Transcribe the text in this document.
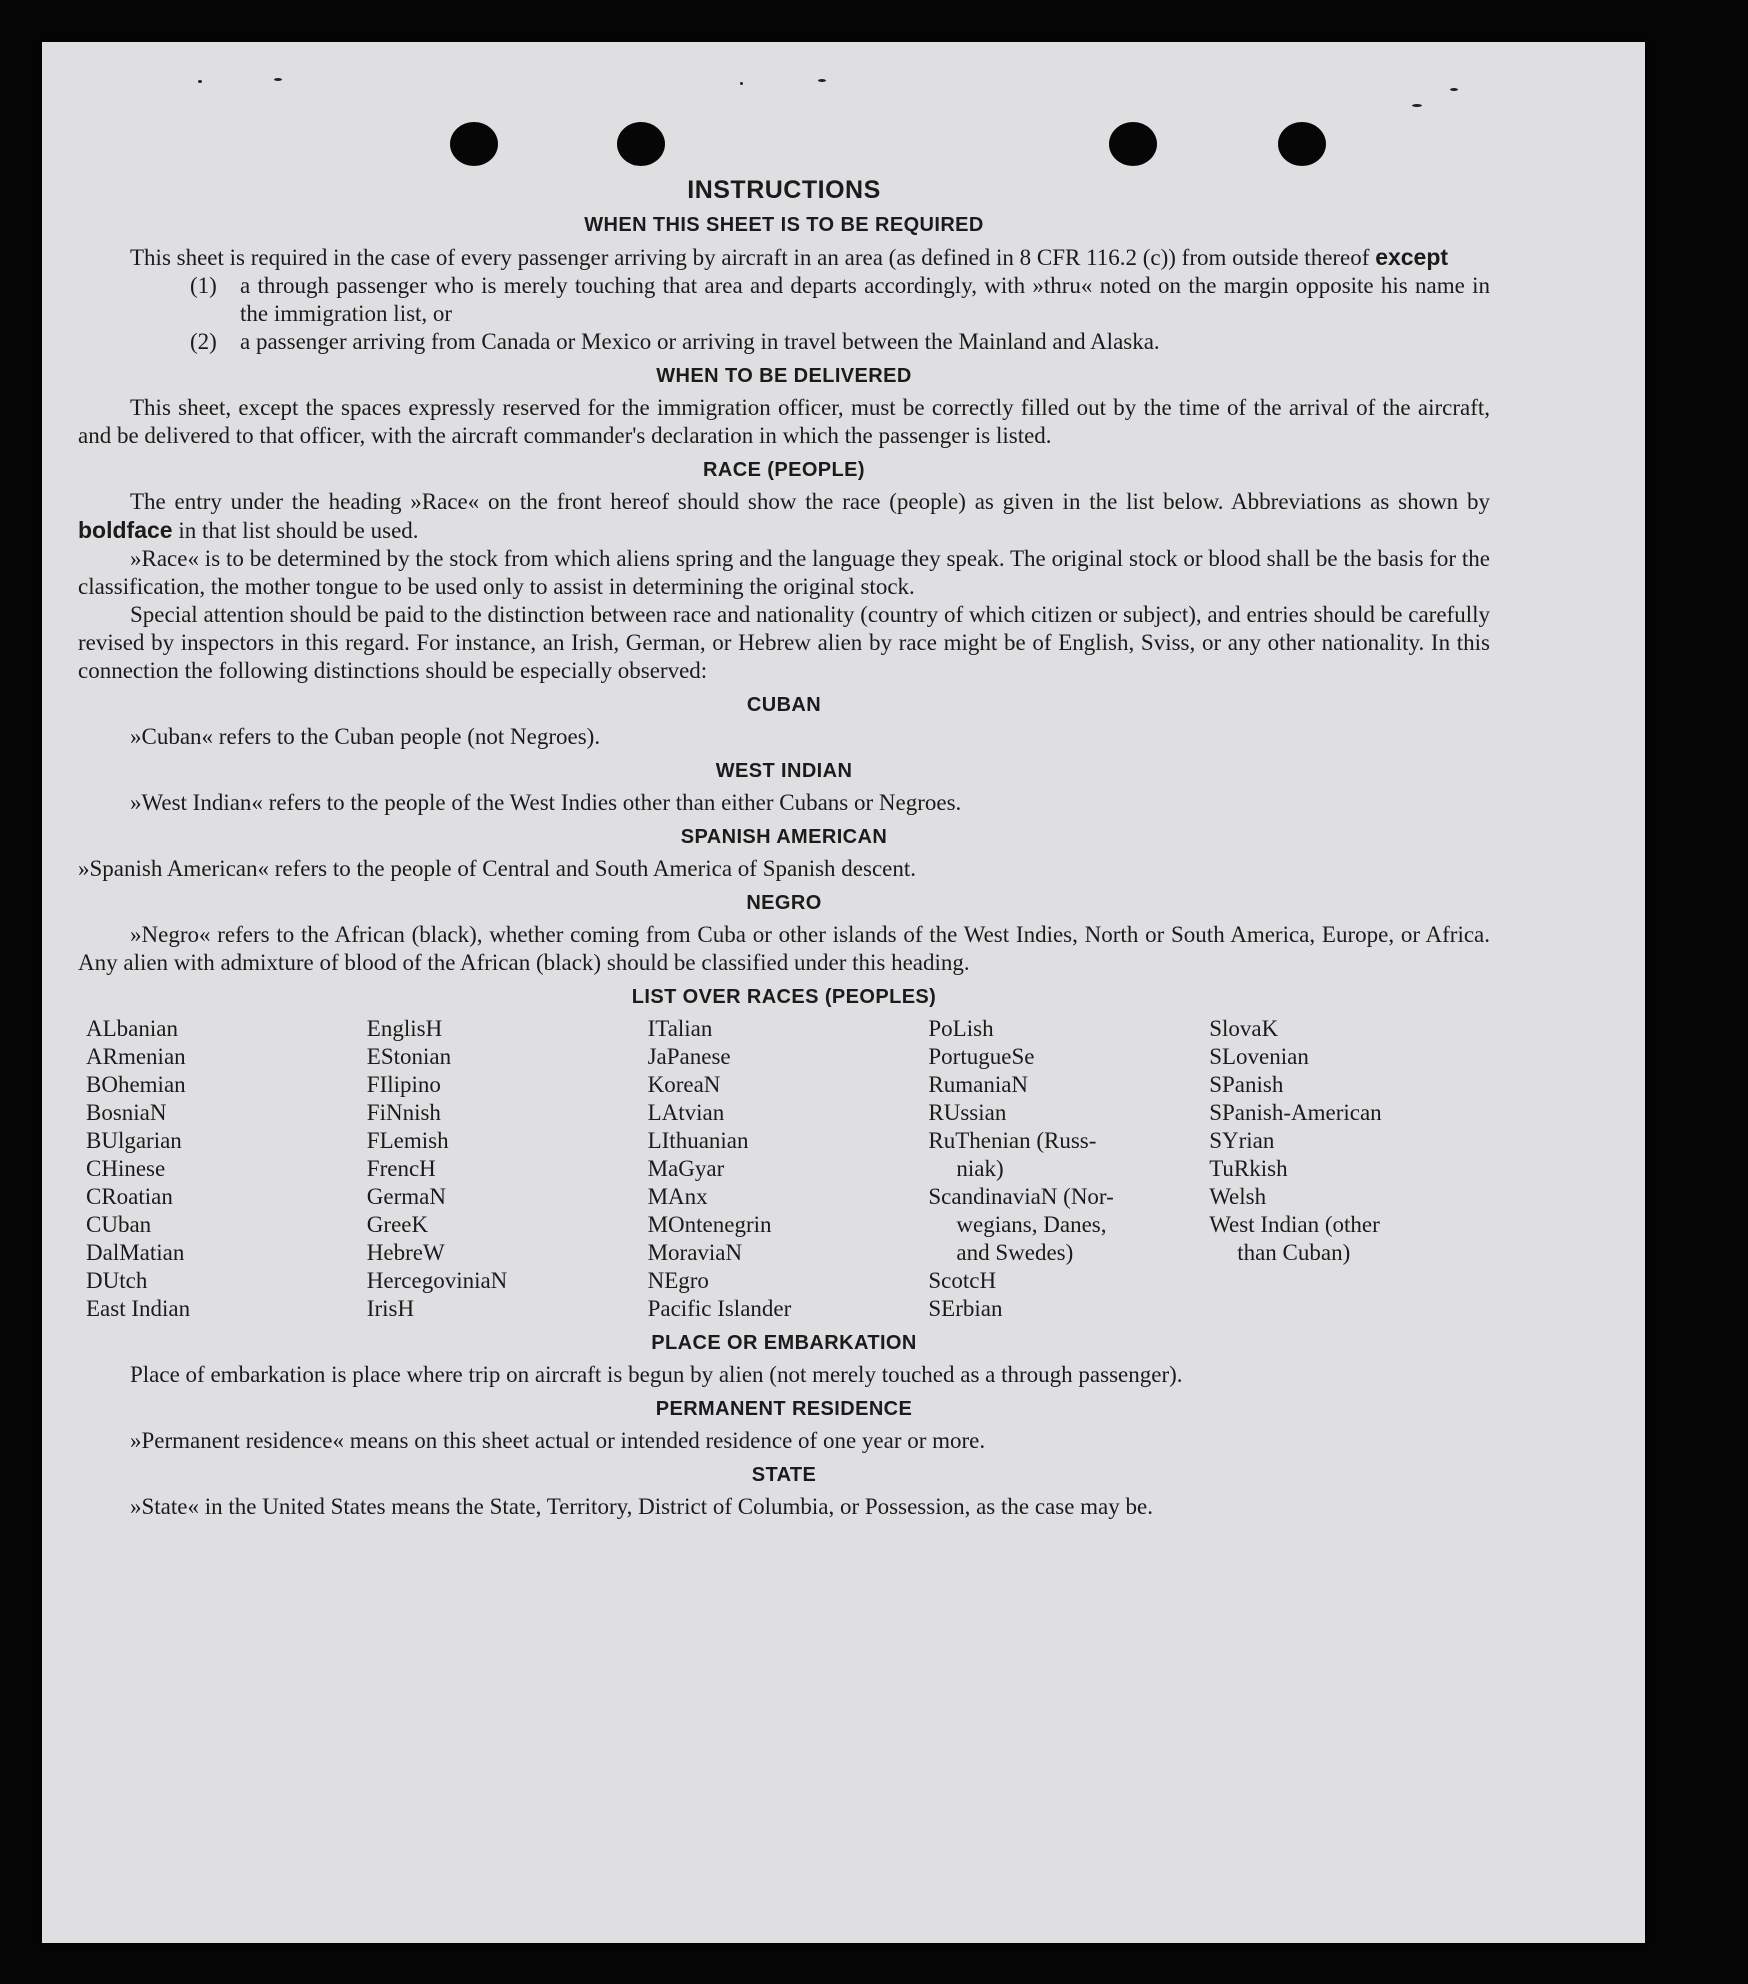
INSTRUCTIONS
WHEN THIS SHEET IS TO BE REQUIRED

This sheet is required in the case of every passenger arriving by aircraft in an area (as defined in 8 CFR 116.2 (c)) from outside thereof except

(1)	a through passenger who is merely touching that area and departs accordingly, with »thru« noted on the margin opposite his name in the immigration list, or
(2)	a passenger arriving from Canada or Mexico or arriving in travel between the Mainland and Alaska.
WHEN TO BE DELIVERED

This sheet, except the spaces expressly reserved for the immigration officer, must be correctly filled out by the time of the arrival of the aircraft, and be delivered to that officer, with the aircraft commander's declaration in which the passenger is listed.

RACE (PEOPLE)

The entry under the heading »Race« on the front hereof should show the race (people) as given in the list below. Abbreviations as shown by boldface in that list should be used.

»Race« is to be determined by the stock from which aliens spring and the language they speak. The original stock or blood shall be the basis for the classification, the mother tongue to be used only to assist in determining the original stock.

Special attention should be paid to the distinction between race and nationality (country of which citizen or subject), and entries should be carefully revised by inspectors in this regard. For instance, an Irish, German, or Hebrew alien by race might be of English, Sviss, or any other nationality. In this connection the following distinctions should be especially observed:

CUBAN

»Cuban« refers to the Cuban people (not Negroes).

WEST INDIAN

»West Indian« refers to the people of the West Indies other than either Cubans or Negroes.

SPANISH AMERICAN

»Spanish American« refers to the people of Central and South America of Spanish descent.

NEGRO

»Negro« refers to the African (black), whether coming from Cuba or other islands of the West Indies, North or South America, Europe, or Africa. Any alien with admixture of blood of the African (black) should be classified under this heading.

LIST OVER RACES (PEOPLES)
ALbanian
ARmenian
BOhemian
BosniaN
BUlgarian
CHinese
CRoatian
CUban
DalMatian
DUtch
East Indian
EnglisH
EStonian
FIlipino
FiNnish
FLemish
FrencH
GermaN
GreeK
HebreW
HercegoviniaN
IrisH
ITalian
JaPanese
KoreaN
LAtvian
LIthuanian
MaGyar
MAnx
MOntenegrin
MoraviaN
NEgro
Pacific Islander
PoLish
PortugueSe
RumaniaN
RUssian
RuThenian (Russ-
niak)
ScandinaviaN (Nor-
wegians, Danes,
and Swedes)
ScotcH
SErbian
SlovaK
SLovenian
SPanish
SPanish-American
SYrian
TuRkish
Welsh
West Indian (other
than Cuban)
PLACE OR EMBARKATION

Place of embarkation is place where trip on aircraft is begun by alien (not merely touched as a through passenger).

PERMANENT RESIDENCE

»Permanent residence« means on this sheet actual or intended residence of one year or more.

STATE

»State« in the United States means the State, Territory, District of Columbia, or Possession, as the case may be.
